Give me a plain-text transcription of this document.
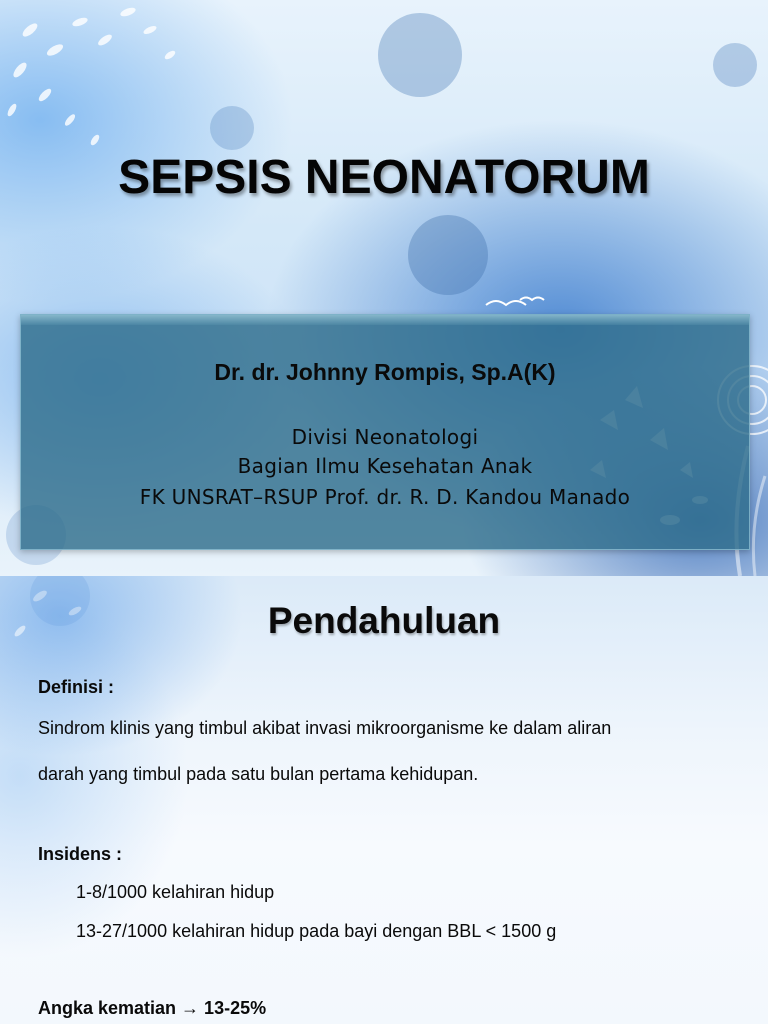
SEPSIS NEONATORUM
Dr. dr. Johnny Rompis, Sp.A(K)
Divisi Neonatologi
Bagian Ilmu Kesehatan Anak
FK UNSRAT–RSUP Prof. dr. R. D. Kandou Manado
Pendahuluan
Definisi :
Sindrom klinis yang timbul akibat invasi mikroorganisme ke dalam aliran
darah yang timbul pada satu bulan pertama kehidupan.
Insidens :
1-8/1000 kelahiran hidup
13-27/1000 kelahiran hidup pada bayi dengan BBL < 1500 g
Angka kematian → 13-25%
